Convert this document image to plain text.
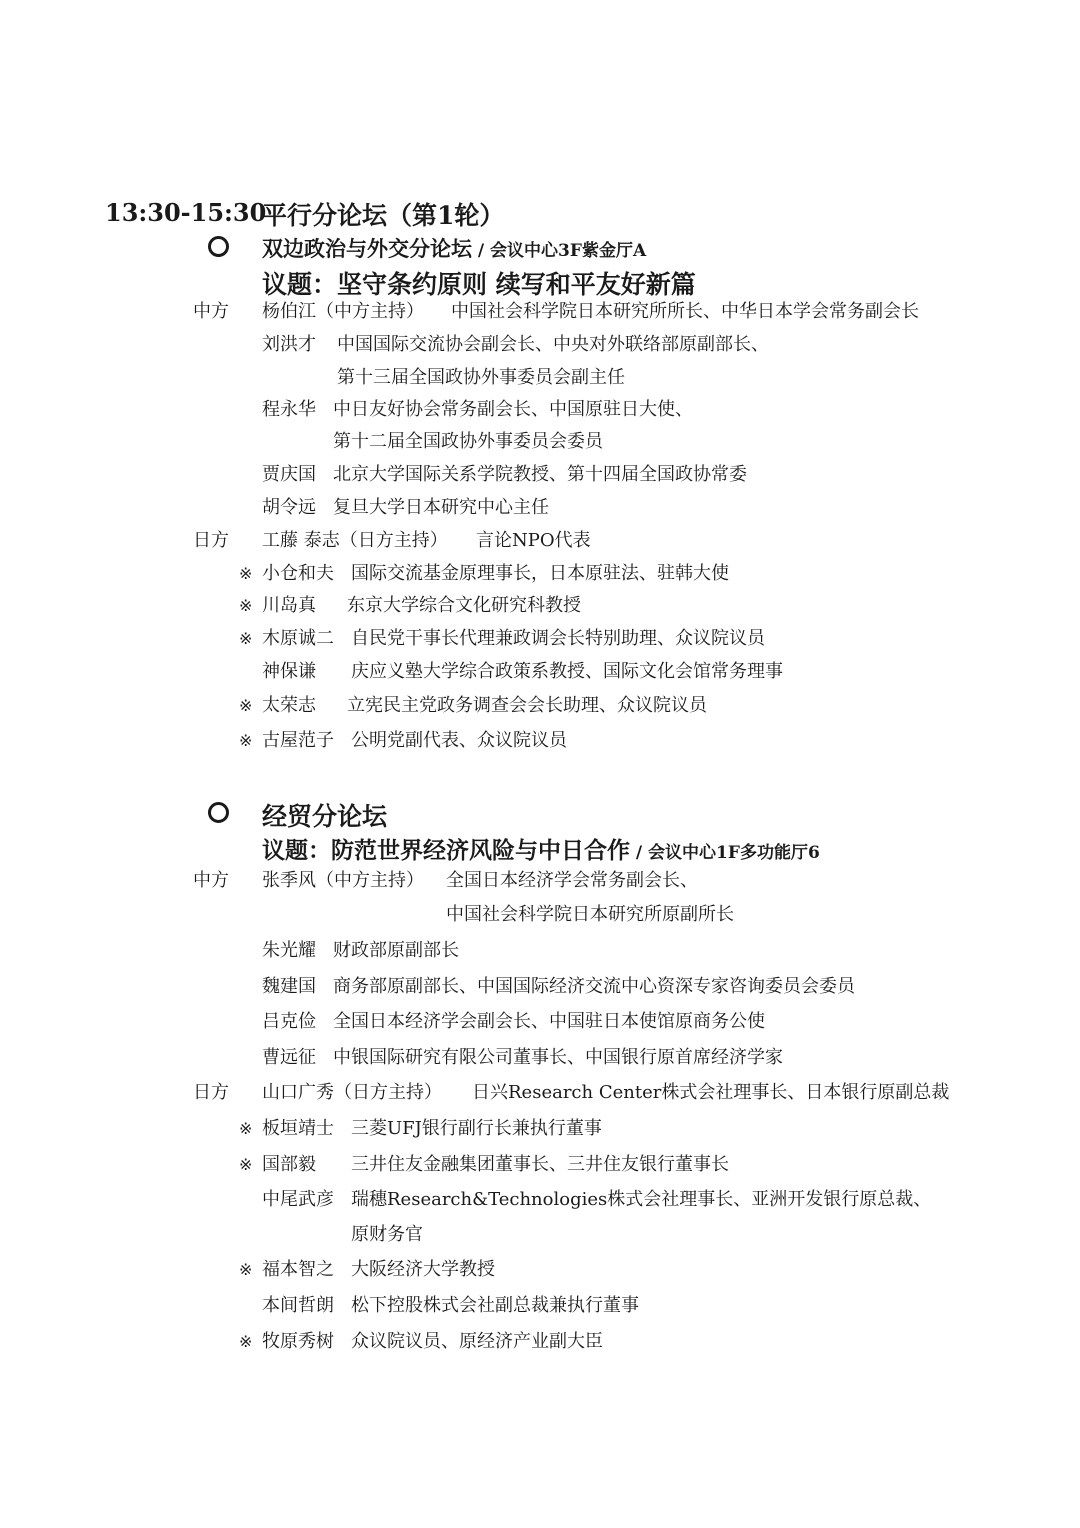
13:30-15:30
平行分论坛（第1轮）
双边政治与外交分论坛 / 会议中心3F紫金厅A
议题：坚守条约原则 续写和平友好新篇
中方 杨伯江（中方主持） 中国社会科学院日本研究所所长、中华日本学会常务副会长
刘洪才 中国国际交流协会副会长、中央对外联络部原副部长、
第十三届全国政协外事委员会副主任
程永华 中日友好协会常务副会长、中国原驻日大使、
第十二届全国政协外事委员会委员
贾庆国 北京大学国际关系学院教授、第十四届全国政协常委
胡令远 复旦大学日本研究中心主任
日方 工藤 泰志（日方主持） 言论NPO代表
※ 小仓和夫 国际交流基金原理事长，日本原驻法、驻韩大使
※ 川岛真 东京大学综合文化研究科教授
※ 木原诚二 自民党干事长代理兼政调会长特别助理、众议院议员
神保谦 庆应义塾大学综合政策系教授、国际文化会馆常务理事
※ 太荣志 立宪民主党政务调查会会长助理、众议院议员
※ 古屋范子 公明党副代表、众议院议员
经贸分论坛
议题：防范世界经济风险与中日合作 / 会议中心1F多功能厅6
中方 张季风（中方主持） 全国日本经济学会常务副会长、
中国社会科学院日本研究所原副所长
朱光耀 财政部原副部长
魏建国 商务部原副部长、中国国际经济交流中心资深专家咨询委员会委员
吕克俭 全国日本经济学会副会长、中国驻日本使馆原商务公使
曹远征 中银国际研究有限公司董事长、中国银行原首席经济学家
日方 山口广秀（日方主持） 日兴Research Center株式会社理事长、日本银行原副总裁
※ 板垣靖士 三菱UFJ银行副行长兼执行董事
※ 国部毅 三井住友金融集团董事长、三井住友银行董事长
中尾武彦 瑞穗Research&Technologies株式会社理事长、亚洲开发银行原总裁、
原财务官
※ 福本智之 大阪经济大学教授
本间哲朗 松下控股株式会社副总裁兼执行董事
※ 牧原秀树 众议院议员、原经济产业副大臣
